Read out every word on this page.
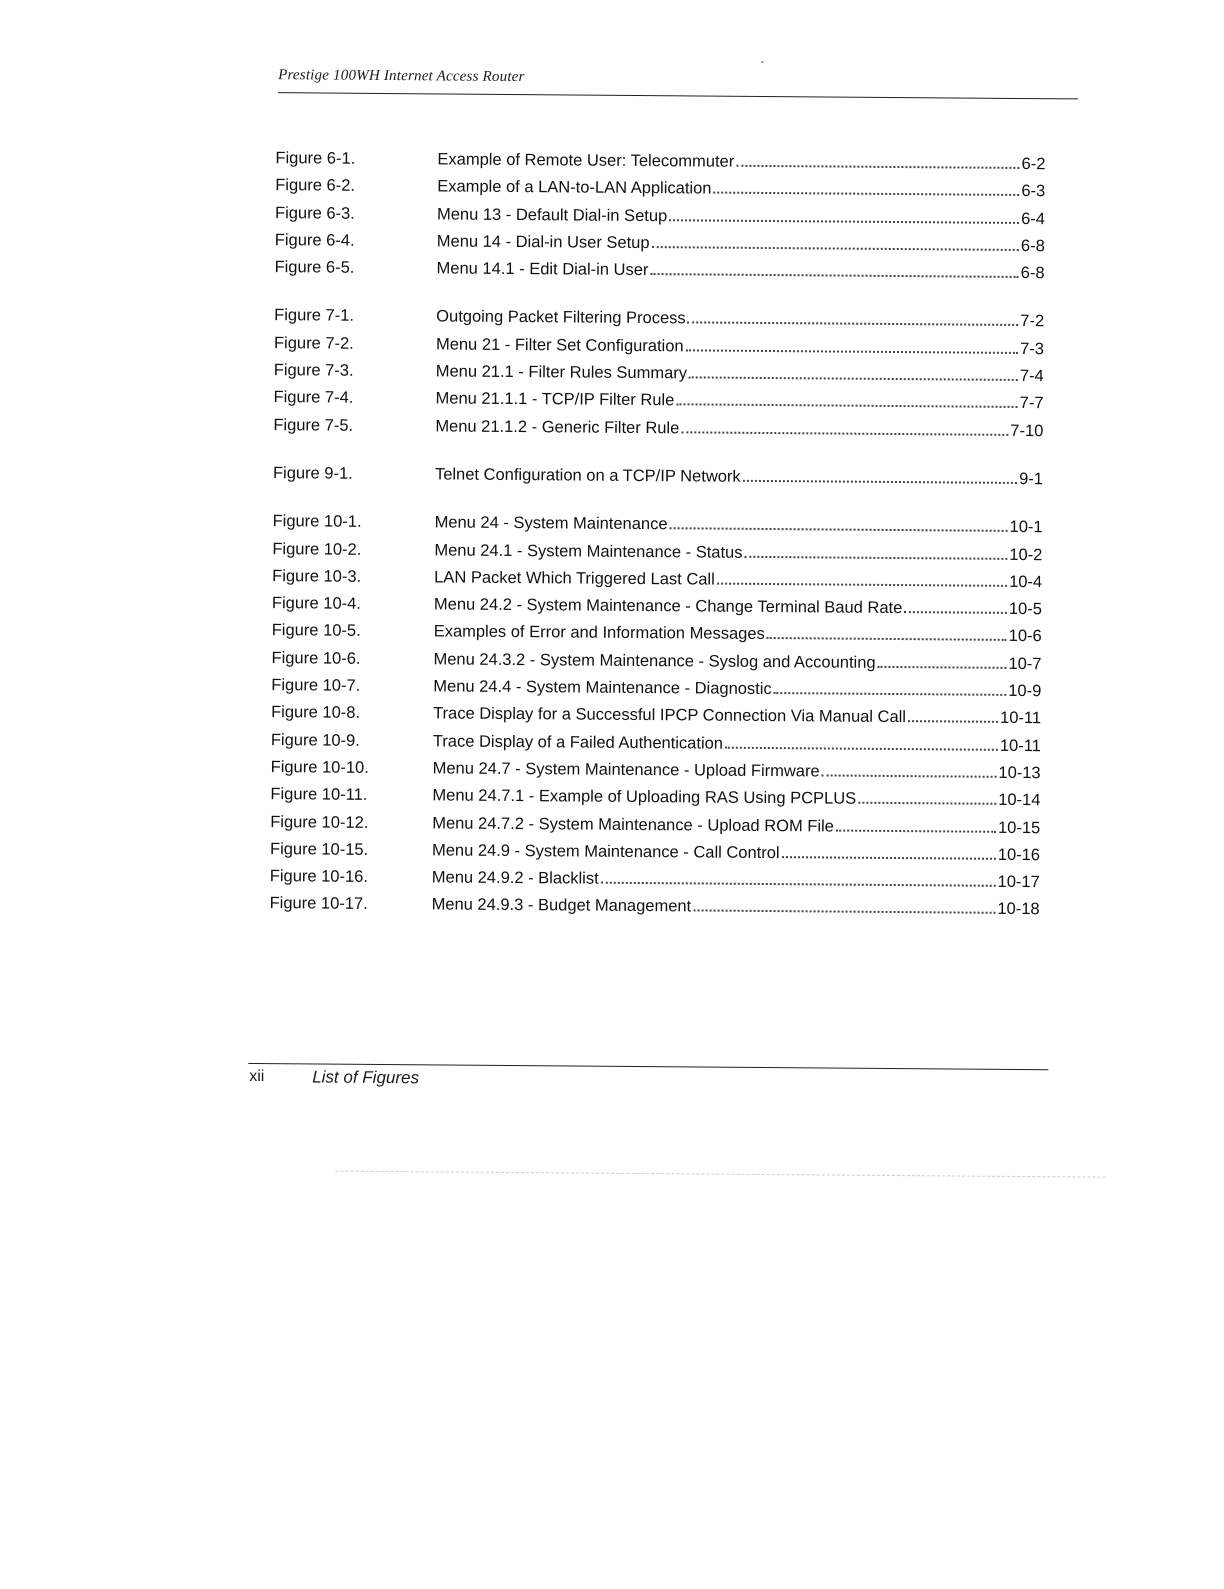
Prestige 100WH Internet Access Router
Figure 6-1.	Example of Remote User: Telecommuter	6-2
Figure 6-2.	Example of a LAN-to-LAN Application	6-3
Figure 6-3.	Menu 13 - Default Dial-in Setup	6-4
Figure 6-4.	Menu 14 - Dial-in User Setup	6-8
Figure 6-5.	Menu 14.1 - Edit Dial-in User	6-8
Figure 7-1.	Outgoing Packet Filtering Process	7-2
Figure 7-2.	Menu 21 - Filter Set Configuration	7-3
Figure 7-3.	Menu 21.1 - Filter Rules Summary	7-4
Figure 7-4.	Menu 21.1.1 - TCP/IP Filter Rule	7-7
Figure 7-5.	Menu 21.1.2 - Generic Filter Rule	7-10
Figure 9-1.	Telnet Configuration on a TCP/IP Network	9-1
Figure 10-1.	Menu 24 - System Maintenance	10-1
Figure 10-2.	Menu 24.1 - System Maintenance - Status	10-2
Figure 10-3.	LAN Packet Which Triggered Last Call	10-4
Figure 10-4.	Menu 24.2 - System Maintenance - Change Terminal Baud Rate	10-5
Figure 10-5.	Examples of Error and Information Messages	10-6
Figure 10-6.	Menu 24.3.2 - System Maintenance - Syslog and Accounting	10-7
Figure 10-7.	Menu 24.4 - System Maintenance - Diagnostic	10-9
Figure 10-8.	Trace Display for a Successful IPCP Connection Via Manual Call	10-11
Figure 10-9.	Trace Display of a Failed Authentication	10-11
Figure 10-10.	Menu 24.7 - System Maintenance - Upload Firmware	10-13
Figure 10-11.	Menu 24.7.1 - Example of Uploading RAS Using PCPLUS	10-14
Figure 10-12.	Menu 24.7.2 - System Maintenance - Upload ROM File	10-15
Figure 10-15.	Menu 24.9 - System Maintenance - Call Control	10-16
Figure 10-16.	Menu 24.9.2 - Blacklist	10-17
Figure 10-17.	Menu 24.9.3 - Budget Management	10-18
xii	List of Figures
